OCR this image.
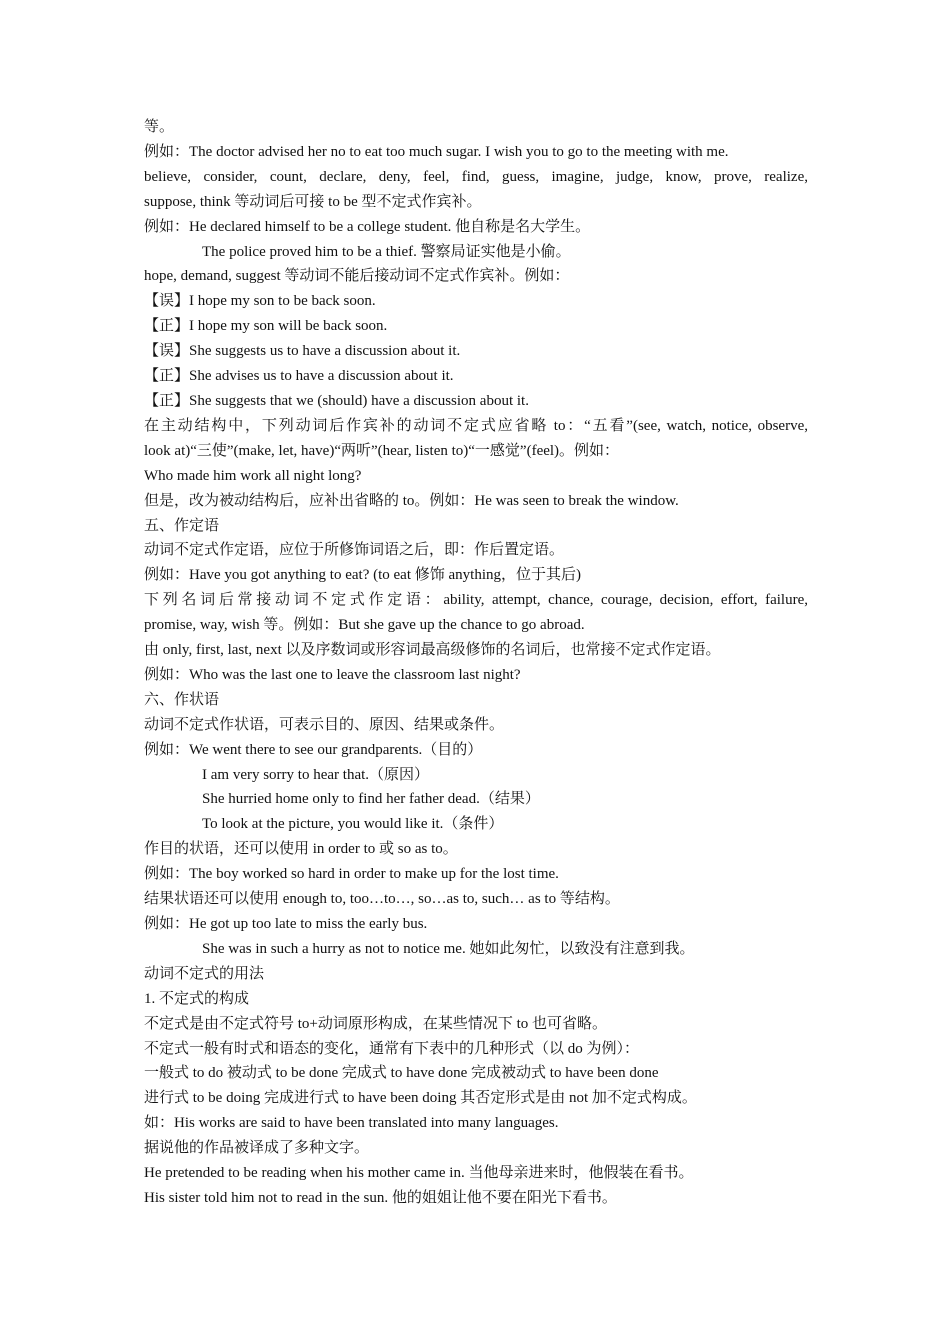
等。
例如：The doctor advised her no to eat too much sugar. I wish you to go to the meeting with me.
believe, consider, count, declare, deny, feel, find, guess, imagine, judge, know, prove, realize,
suppose, think 等动词后可接 to be 型不定式作宾补。
例如：He declared himself to be a college student. 他自称是名大学生。
The police proved him to be a thief. 警察局证实他是小偷。
hope, demand, suggest 等动词不能后接动词不定式作宾补。例如：
【误】I hope my son to be back soon.
【正】I hope my son will be back soon.
【误】She suggests us to have a discussion about it.
【正】She advises us to have a discussion about it.
【正】She suggests that we (should) have a discussion about it.
在主动结构中，下列动词后作宾补的动词不定式应省略 to：“五看”(see, watch, notice, observe,
look at)“三使”(make, let, have)“两听”(hear, listen to)“一感觉”(feel)。例如：
Who made him work all night long?
但是，改为被动结构后，应补出省略的 to。例如：He was seen to break the window.
五、作定语
动词不定式作定语，应位于所修饰词语之后，即：作后置定语。
例如：Have you got anything to eat? (to eat 修饰 anything，位于其后)
下列名词后常接动词不定式作定语：ability, attempt, chance, courage, decision, effort, failure,
promise, way, wish 等。例如：But she gave up the chance to go abroad.
由 only, first, last, next 以及序数词或形容词最高级修饰的名词后，也常接不定式作定语。
例如：Who was the last one to leave the classroom last night?
六、作状语
动词不定式作状语，可表示目的、原因、结果或条件。
例如：We went there to see our grandparents.（目的）
I am very sorry to hear that.（原因）
She hurried home only to find her father dead.（结果）
To look at the picture, you would like it.（条件）
作目的状语，还可以使用 in order to 或 so as to。
例如：The boy worked so hard in order to make up for the lost time.
结果状语还可以使用 enough to, too…to…, so…as to, such… as to 等结构。
例如：He got up too late to miss the early bus.
She was in such a hurry as not to notice me. 她如此匆忙，以致没有注意到我。
动词不定式的用法
1. 不定式的构成
不定式是由不定式符号 to+动词原形构成，在某些情况下 to 也可省略。
不定式一般有时式和语态的变化，通常有下表中的几种形式（以 do 为例）：
一般式 to do 被动式 to be done 完成式 to have done 完成被动式 to have been done
进行式 to be doing 完成进行式 to have been doing 其否定形式是由 not 加不定式构成。
如：His works are said to have been translated into many languages.
据说他的作品被译成了多种文字。
He pretended to be reading when his mother came in. 当他母亲进来时，他假装在看书。
His sister told him not to read in the sun. 他的姐姐让他不要在阳光下看书。
